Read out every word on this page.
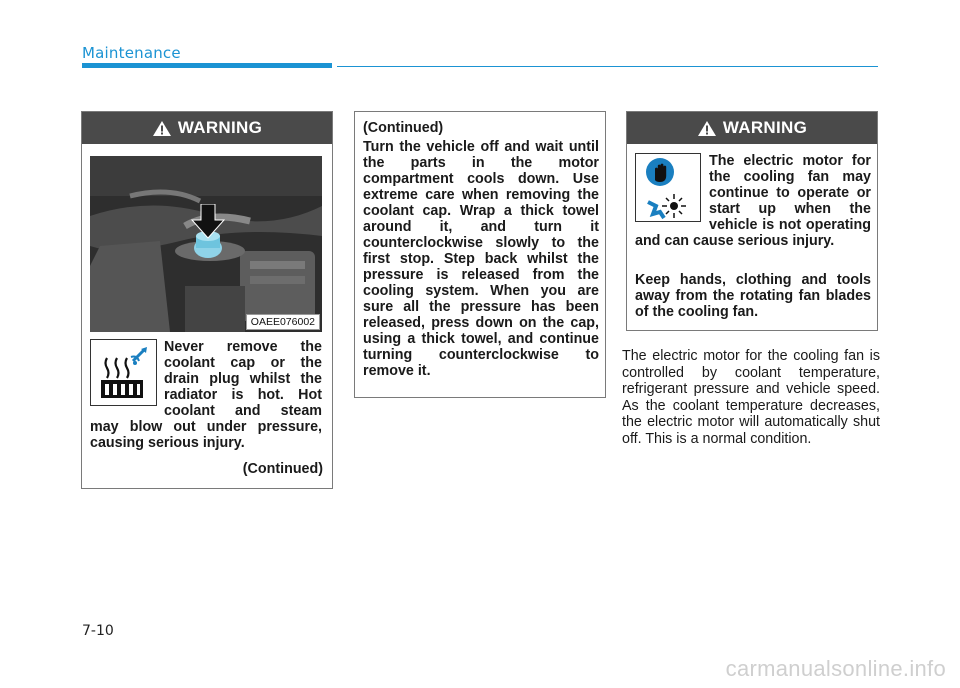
Maintenance
WARNING
OAEE076002
Never remove the coolant cap or the drain plug whilst the radiator is hot. Hot coolant and steam may blow out under pressure, causing serious injury.
(Continued)
(Continued)
Turn the vehicle off and wait until the parts in the motor compartment cools down. Use extreme care when removing the coolant cap. Wrap a thick towel around it, and turn it counterclockwise slowly to the first stop. Step back whilst the pressure is released from the cooling system. When you are sure all the pressure has been released, press down on the cap, using a thick towel, and continue turning counterclockwise to remove it.
WARNING
The electric motor for the cooling fan may continue to operate or start up when the vehicle is not operating and can cause serious injury.
Keep hands, clothing and tools away from the rotating fan blades of the cooling fan.
The electric motor for the cooling fan is controlled by coolant temperature, refrigerant pressure and vehicle speed. As the coolant temperature decreases, the electric motor will automatically shut off. This is a normal condition.
7-10
carmanualsonline.info
